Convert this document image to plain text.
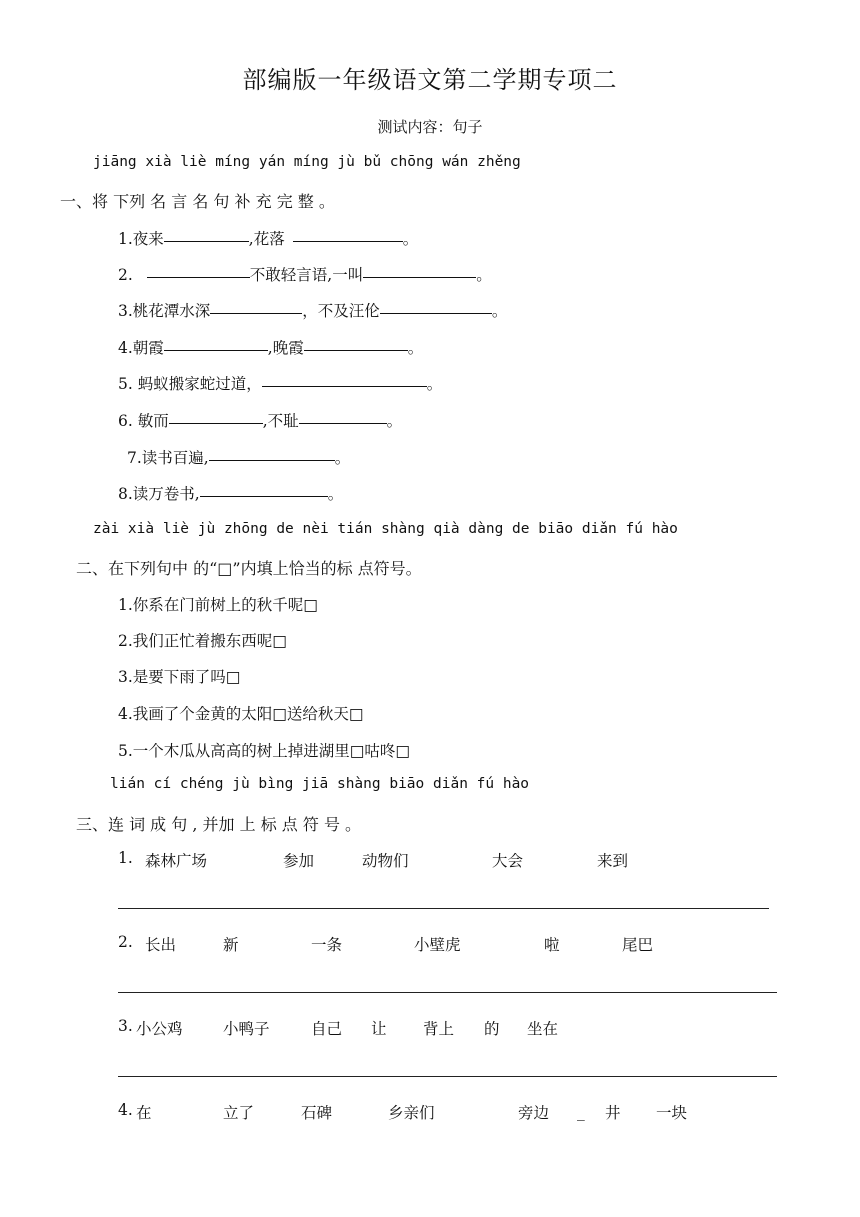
部编版一年级语文第二学期专项二
测试内容：句子
jiāng xià liè míng yán míng jù bǔ chōng wán zhěng
一、将 下列 名 言 名 句 补 充 完 整 。
1.夜来	,花落	。
2.	不敢轻言语,一叫	。
3.桃花潭水深	，不及汪伦	。
4.朝霞	,晚霞	。
5. 蚂蚁搬家蛇过道，	。
6. 敏而	,不耻	。
7.读书百遍,	。
8.读万卷书,	。
zài xià liè jù zhōng de nèi tián shàng qià dàng de biāo diǎn fú hào
二、在下列句中 的“□”内填上恰当的标 点符号。
1.你系在门前树上的秋千呢□
2.我们正忙着搬东西呢□
3.是要下雨了吗□
4.我画了个金黄的太阳□送给秋天□
5.一个木瓜从高高的树上掉进湖里□咕咚□
lián cí chéng jù bìng jiā shàng biāo diǎn fú hào
三、连 词 成 句 , 并加 上 标 点 符 号 。
1. 森林广场	参加	动物们	大会	来到
2. 长出	新	一条	小壁虎	啦	尾巴
3. 小公鸡	小鸭子	自己 让 背上 的 坐在
4. 在	立了	石碑	乡亲们	旁边 _ 井 一块
